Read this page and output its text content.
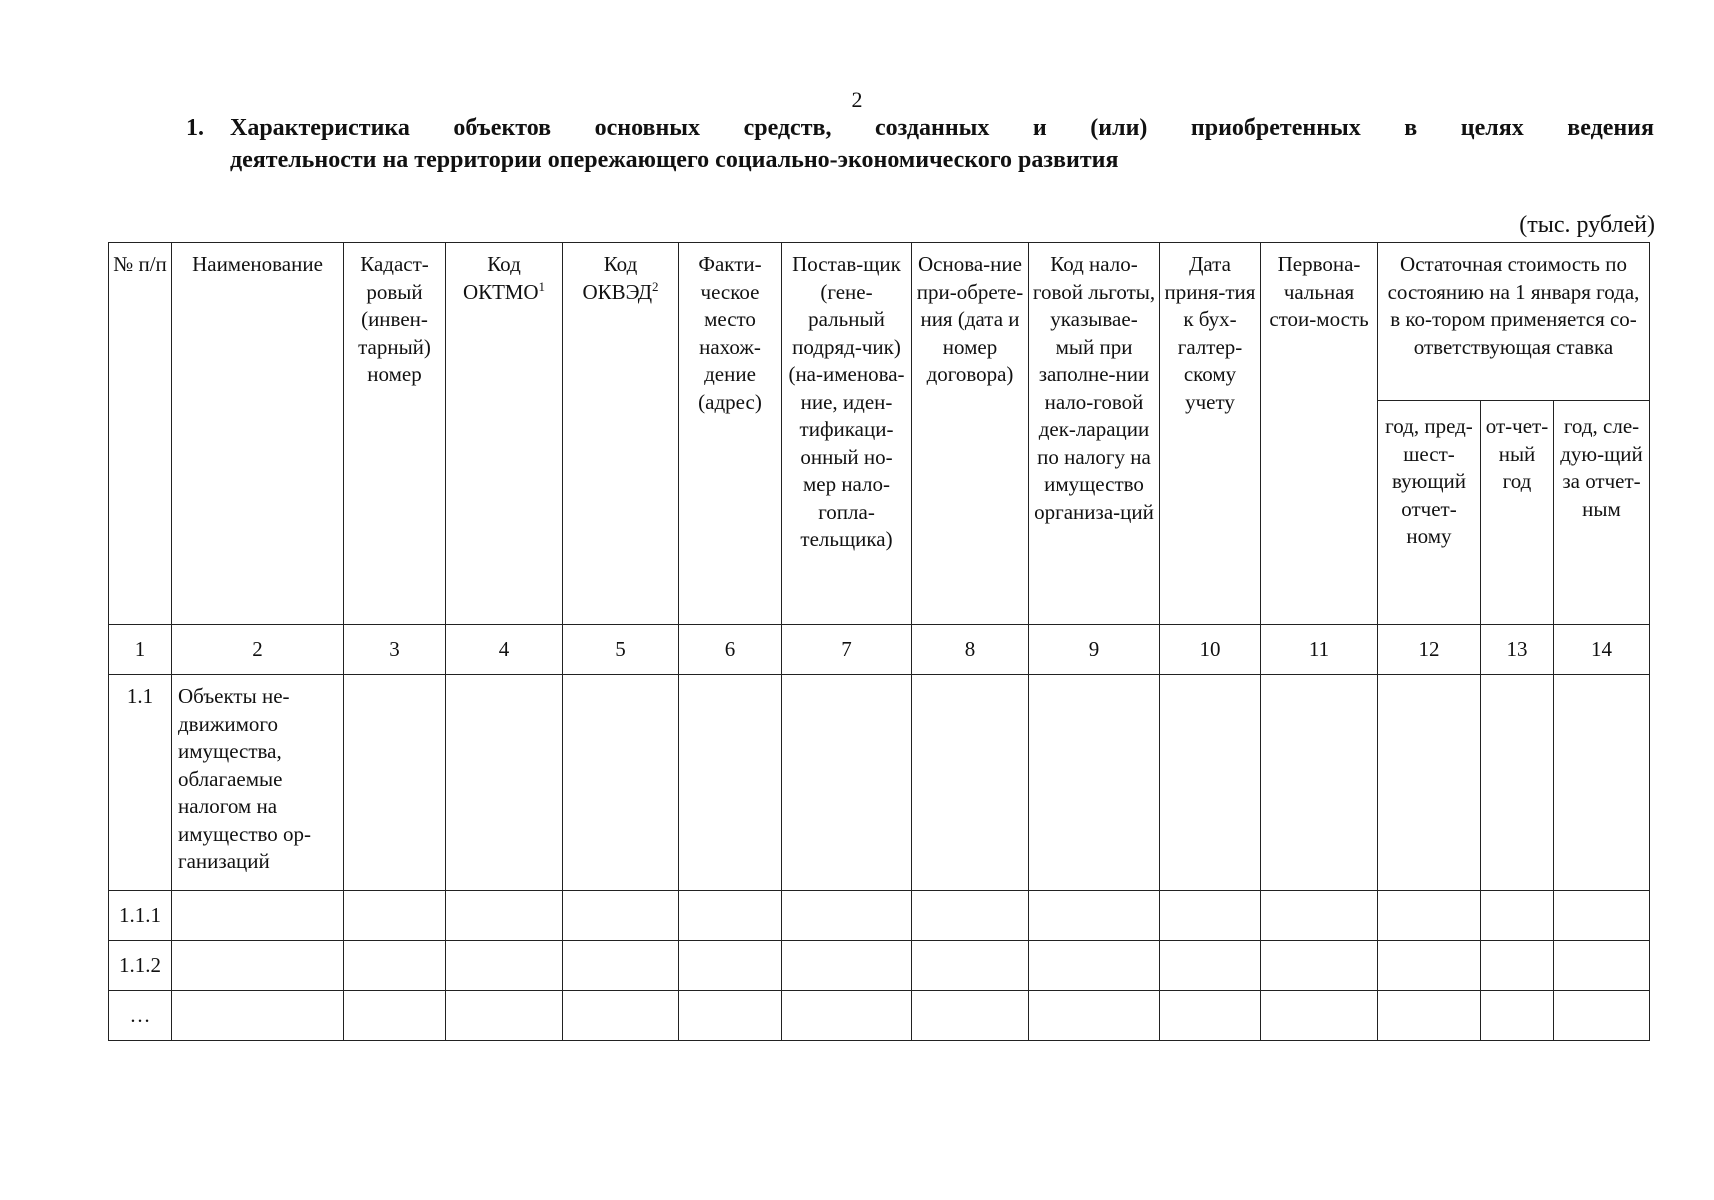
2
1. Характеристика объектов основных средств, созданных и (или) приобретенных в целях ведения
деятельности на территории опережающего социально-экономического развития
(тыс. рублей)
№ п/п	Наименование	Кадаст-ровый (инвен-тарный) номер	Код ОКТМО$^1$	Код ОКВЭД$^2$	Факти-ческое место нахож-дение (адрес)	Постав-щик (гене-ральный подряд-чик) (на-именова-ние, иден-тификаци-онный но-мер нало-гопла-тельщика)	Основа-ние при-обрете-ния (дата и номер договора)	Код нало-говой льготы, указывае-мый при заполне-нии нало-говой дек-ларации по налогу на имущество организа-ций	Дата приня-тия к бух-галтер-скому учету	Первона-чальная стои-мость	Остаточная стоимость по состоянию на 1 января года, в ко-тором применяется со-ответствующая ставка		
											год, пред-шест-вующий отчет-ному	от-чет-ный год	год, сле-дую-щий за отчет-ным
1	2	3	4	5	6	7	8	9	10	11	12	13	14
1.1	Объекты не-движимого имущества, облагаемые налогом на имущество ор-ганизаций												
1.1.1													
1.1.2													
…													
